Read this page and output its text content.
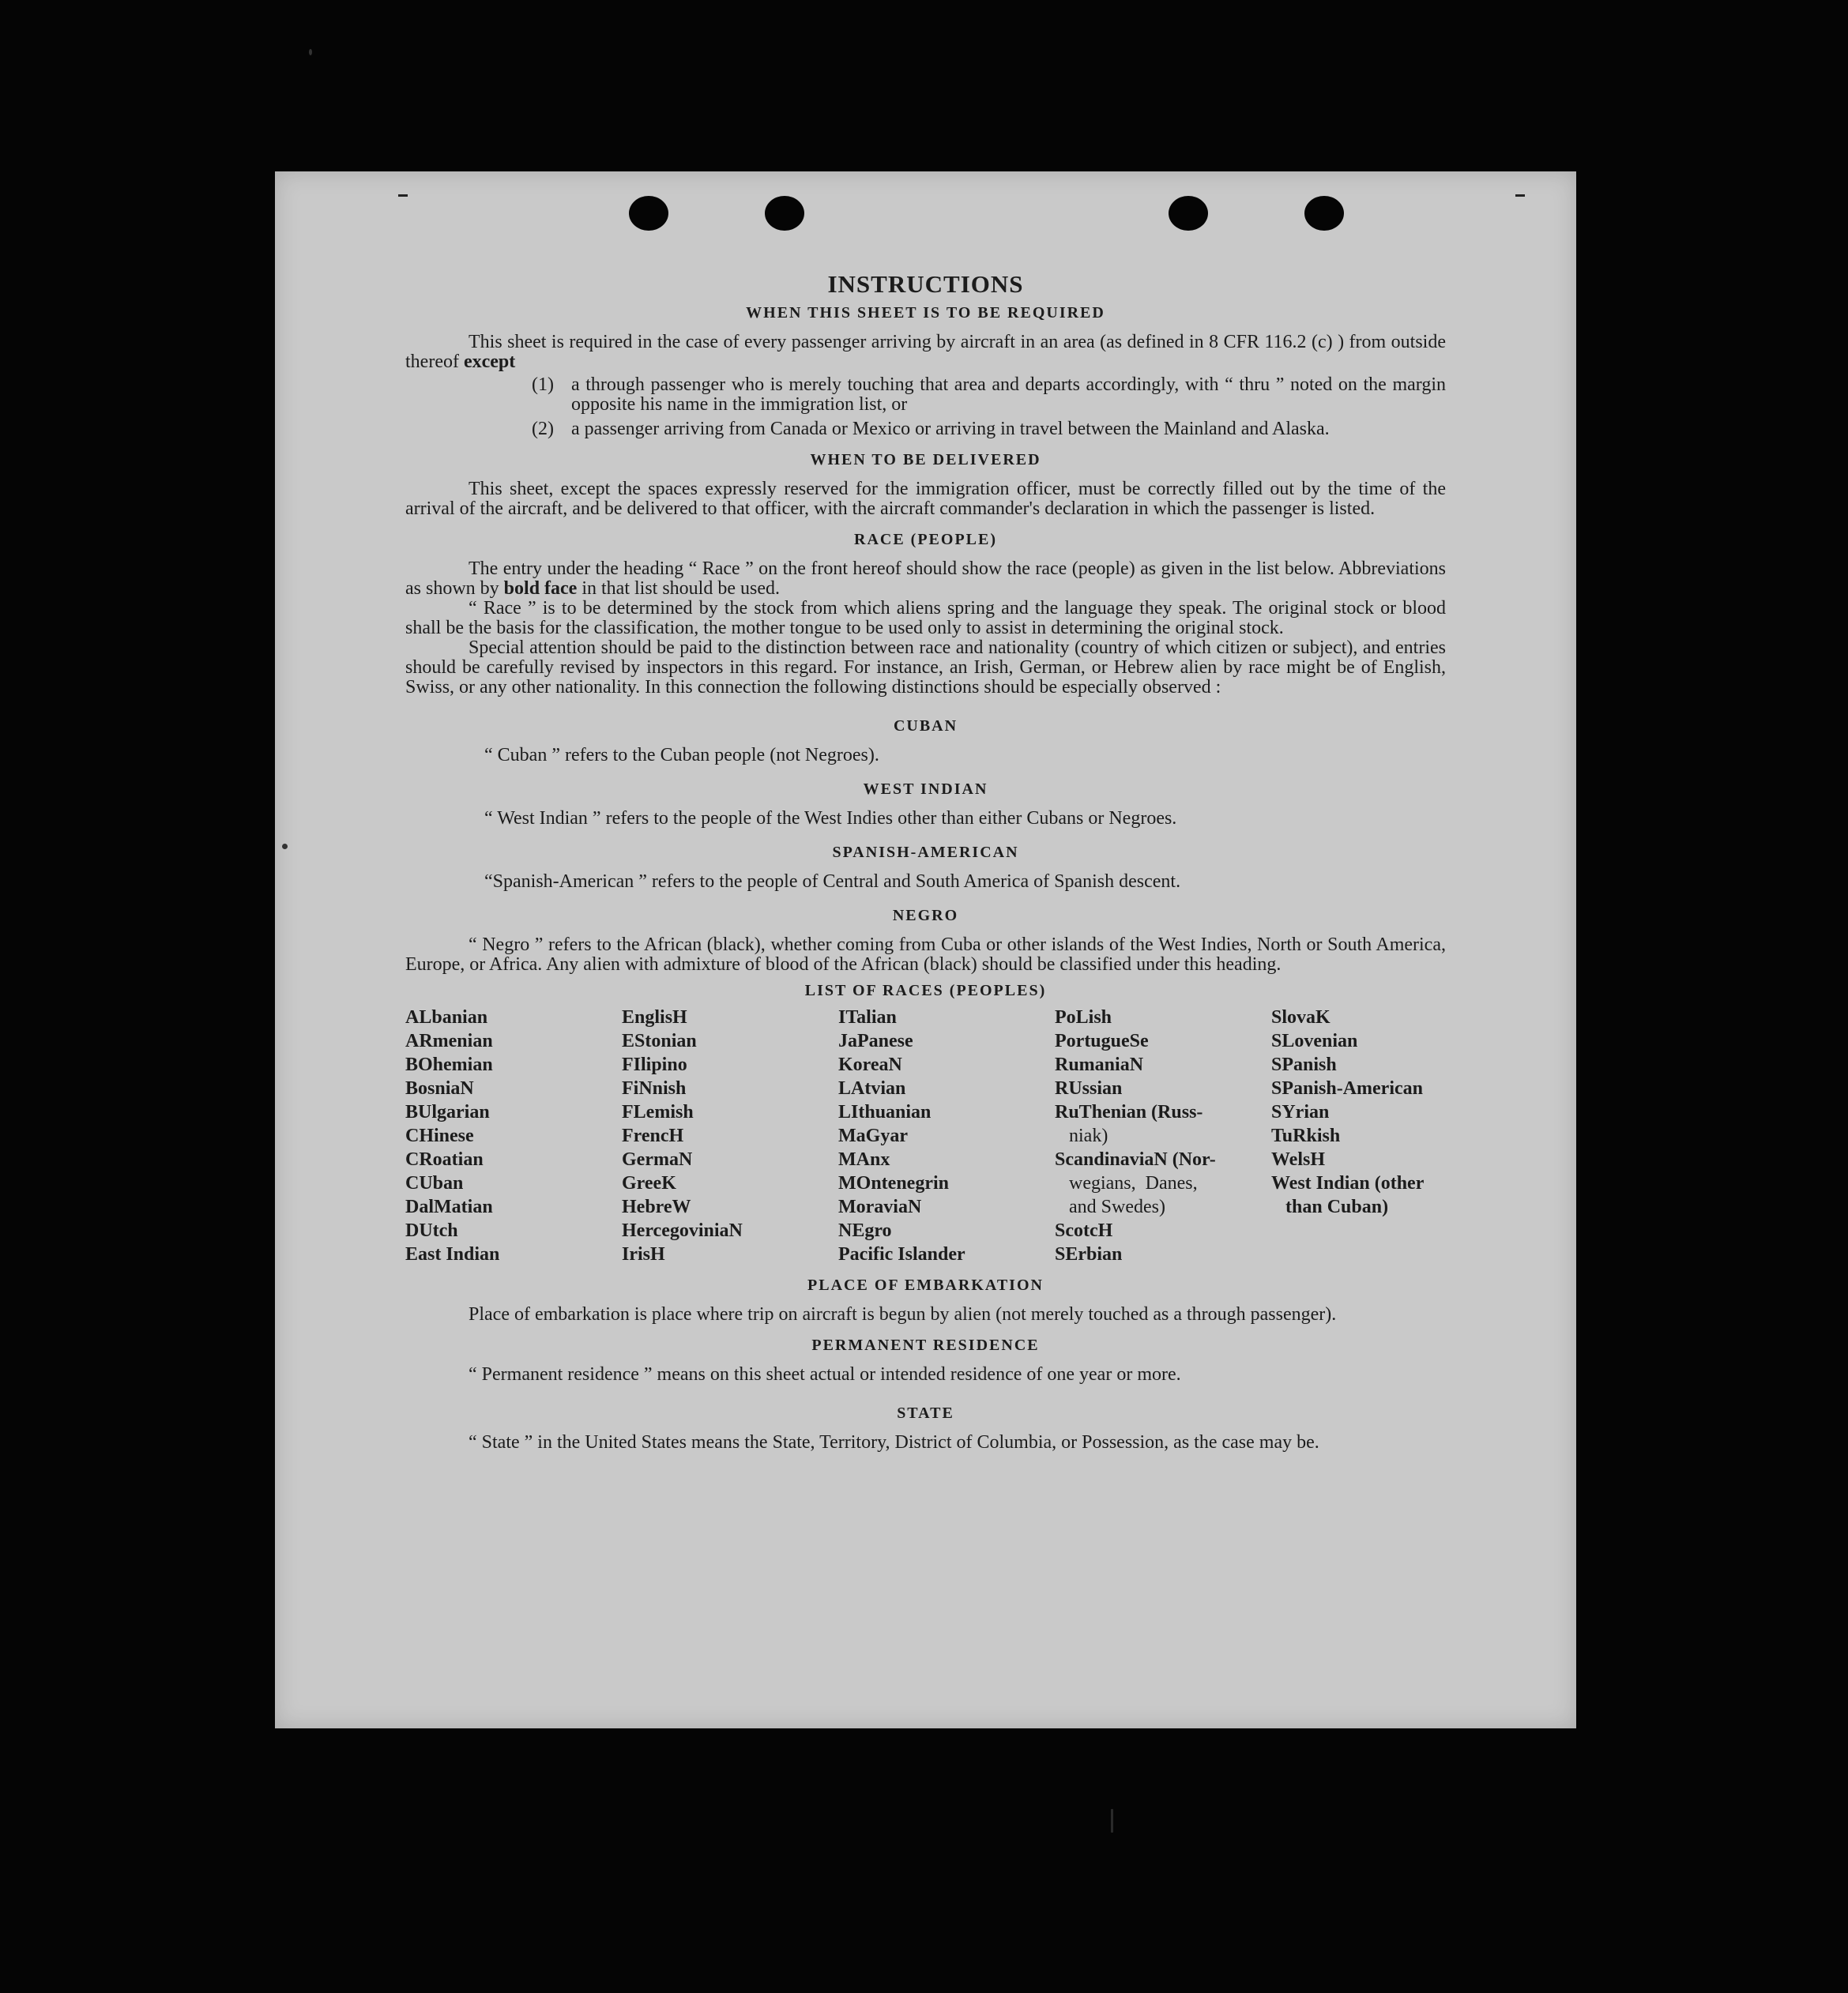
INSTRUCTIONS
WHEN THIS SHEET IS TO BE REQUIRED

This sheet is required in the case of every passenger arriving by aircraft in an area (as defined in 8 CFR 116.2 (c) ) from outside thereof except

(1) a through passenger who is merely touching that area and departs accordingly, with “ thru ” noted on the margin opposite his name in the immigration list, or
(2) a passenger arriving from Canada or Mexico or arriving in travel between the Mainland and Alaska.
WHEN TO BE DELIVERED

This sheet, except the spaces expressly reserved for the immigration officer, must be correctly filled out by the time of the arrival of the aircraft, and be delivered to that officer, with the aircraft commander's declaration in which the passenger is listed.

RACE (PEOPLE)

The entry under the heading “ Race ” on the front hereof should show the race (people) as given in the list below. Abbreviations as shown by bold face in that list should be used.

“ Race ” is to be determined by the stock from which aliens spring and the language they speak. The original stock or blood shall be the basis for the classification, the mother tongue to be used only to assist in determining the original stock.

Special attention should be paid to the distinction between race and nationality (country of which citizen or subject), and entries should be carefully revised by inspectors in this regard. For instance, an Irish, German, or Hebrew alien by race might be of English, Swiss, or any other nationality. In this connection the following distinctions should be especially observed :

CUBAN

“ Cuban ” refers to the Cuban people (not Negroes).

WEST INDIAN

“ West Indian ” refers to the people of the West Indies other than either Cubans or Negroes.

SPANISH-AMERICAN

“Spanish-American ” refers to the people of Central and South America of Spanish descent.

NEGRO

“ Negro ” refers to the African (black), whether coming from Cuba or other islands of the West Indies, North or South America, Europe, or Africa. Any alien with admixture of blood of the African (black) should be classified under this heading.

LIST OF RACES (PEOPLES)
ALbanian
ARmenian
BOhemian
BosniaN
BUlgarian
CHinese
CRoatian
CUban
DalMatian
DUtch
East Indian
EnglisH
EStonian
FIlipino
FiNnish
FLemish
FrencH
GermaN
GreeK
HebreW
HercegoviniaN
IrisH
ITalian
JaPanese
KoreaN
LAtvian
LIthuanian
MaGyar
MAnx
MOntenegrin
MoraviaN
NEgro
Pacific Islander
PoLish
PortugueSe
RumaniaN
RUssian
RuThenian (Russ-
niak)
ScandinaviaN (Nor-
wegians,  Danes,
and Swedes)
ScotcH
SErbian
SlovaK
SLovenian
SPanish
SPanish-American
SYrian
TuRkish
WelsH
West Indian (other
than Cuban)
PLACE OF EMBARKATION

Place of embarkation is place where trip on aircraft is begun by alien (not merely touched as a through passenger).

PERMANENT RESIDENCE

“ Permanent residence ” means on this sheet actual or intended residence of one year or more.

STATE

“ State ” in the United States means the State, Territory, District of Columbia, or Possession, as the case may be.
